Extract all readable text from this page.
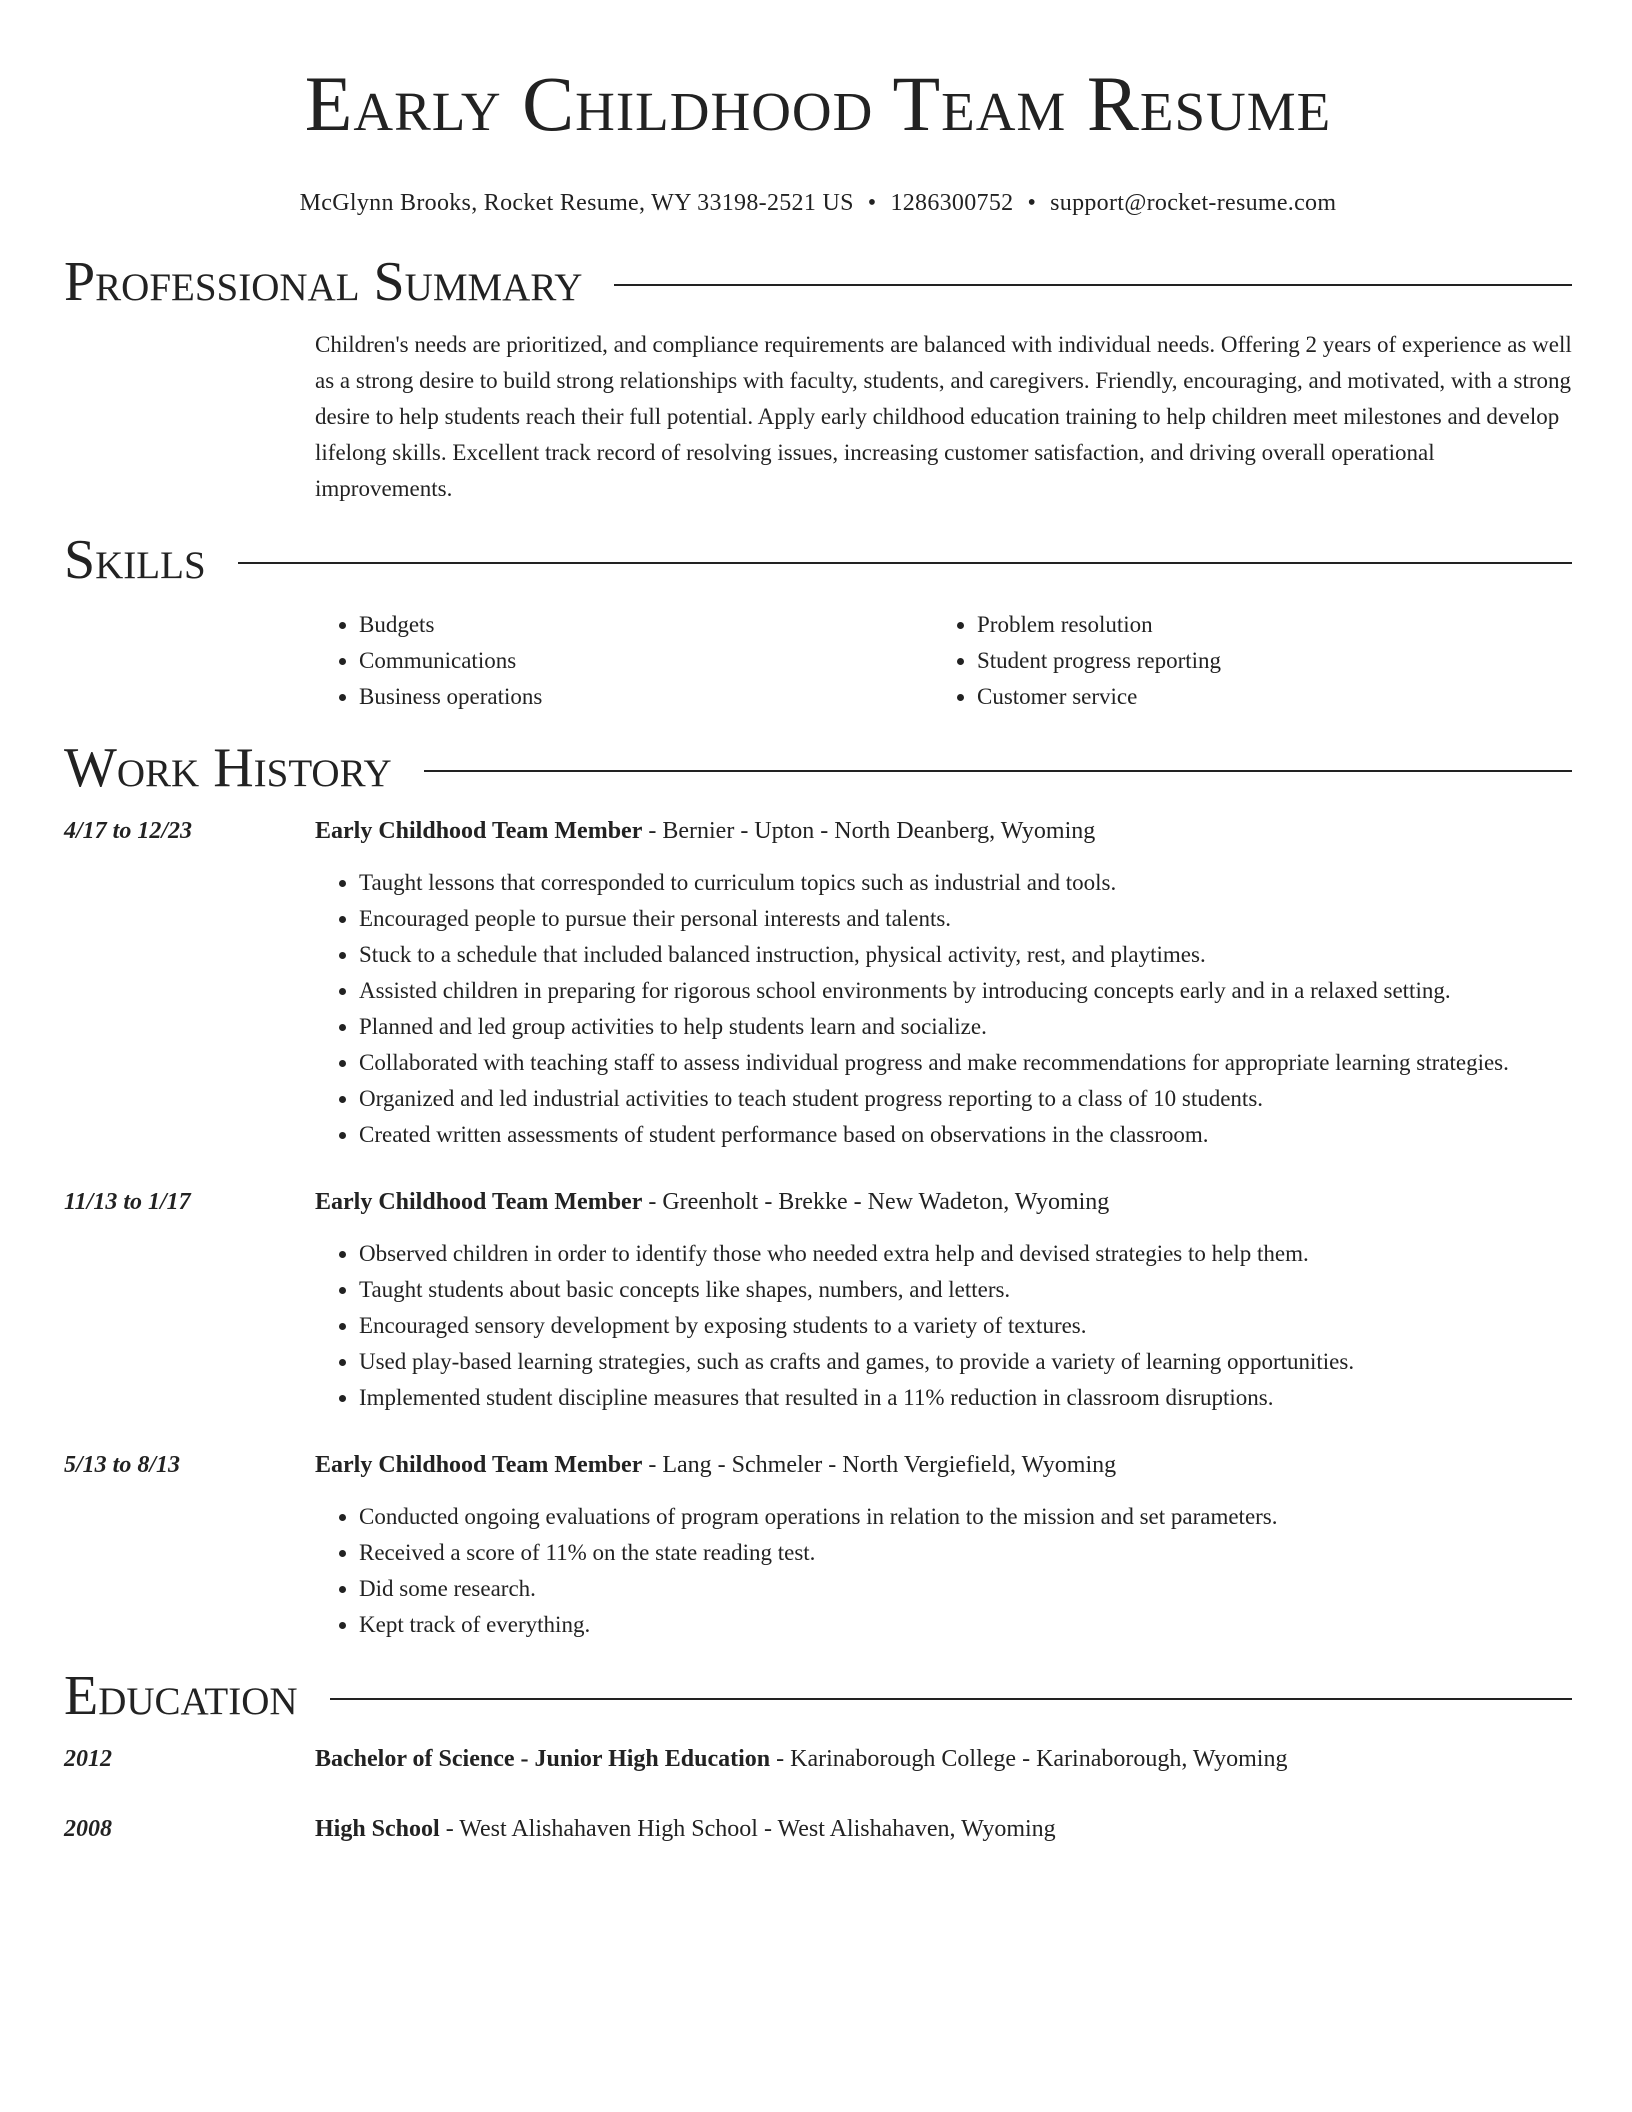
Early Childhood Team Resume
McGlynn Brooks, Rocket Resume, WY 33198-2521 US • 1286300752 • support@rocket-resume.com
Professional Summary
Children's needs are prioritized, and compliance requirements are balanced with individual needs. Offering 2 years of experience as well as a strong desire to build strong relationships with faculty, students, and caregivers. Friendly, encouraging, and motivated, with a strong desire to help students reach their full potential. Apply early childhood education training to help children meet milestones and develop lifelong skills. Excellent track record of resolving issues, increasing customer satisfaction, and driving overall operational improvements.
Skills
• Budgets
• Communications
• Business operations
• Problem resolution
• Student progress reporting
• Customer service
Work History
4/17 to 12/23	Early Childhood Team Member - Bernier - Upton - North Deanberg, Wyoming
• Taught lessons that corresponded to curriculum topics such as industrial and tools.
• Encouraged people to pursue their personal interests and talents.
• Stuck to a schedule that included balanced instruction, physical activity, rest, and playtimes.
• Assisted children in preparing for rigorous school environments by introducing concepts early and in a relaxed setting.
• Planned and led group activities to help students learn and socialize.
• Collaborated with teaching staff to assess individual progress and make recommendations for appropriate learning strategies.
• Organized and led industrial activities to teach student progress reporting to a class of 10 students.
• Created written assessments of student performance based on observations in the classroom.
11/13 to 1/17	Early Childhood Team Member - Greenholt - Brekke - New Wadeton, Wyoming
• Observed children in order to identify those who needed extra help and devised strategies to help them.
• Taught students about basic concepts like shapes, numbers, and letters.
• Encouraged sensory development by exposing students to a variety of textures.
• Used play-based learning strategies, such as crafts and games, to provide a variety of learning opportunities.
• Implemented student discipline measures that resulted in a 11% reduction in classroom disruptions.
5/13 to 8/13	Early Childhood Team Member - Lang - Schmeler - North Vergiefield, Wyoming
• Conducted ongoing evaluations of program operations in relation to the mission and set parameters.
• Received a score of 11% on the state reading test.
• Did some research.
• Kept track of everything.
Education
2012	Bachelor of Science - Junior High Education - Karinaborough College - Karinaborough, Wyoming
2008	High School - West Alishahaven High School - West Alishahaven, Wyoming
